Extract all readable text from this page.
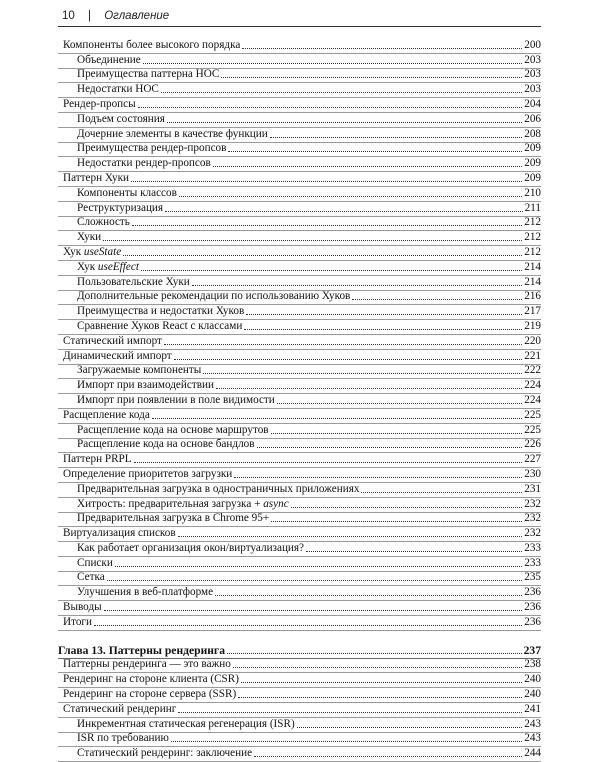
10 | Оглавление
Компоненты более высокого порядка	200
Объединение	203
Преимущества паттерна HOC	203
Недостатки HOC	203
Рендер-пропсы	204
Подъем состояния	206
Дочерние элементы в качестве функции	208
Преимущества рендер-пропсов	209
Недостатки рендер-пропсов	209
Паттерн Хуки	209
Компоненты классов	210
Реструктуризация	211
Сложность	212
Хуки	212
Хук useState	212
Хук useEffect	214
Пользовательские Хуки	214
Дополнительные рекомендации по использованию Хуков	216
Преимущества и недостатки Хуков	217
Сравнение Хуков React с классами	219
Статический импорт	220
Динамический импорт	221
Загружаемые компоненты	222
Импорт при взаимодействии	224
Импорт при появлении в поле видимости	224
Расщепление кода	225
Расщепление кода на основе маршрутов	225
Расщепление кода на основе бандлов	226
Паттерн PRPL	227
Определение приоритетов загрузки	230
Предварительная загрузка в одностраничных приложениях	231
Хитрость: предварительная загрузка + async	232
Предварительная загрузка в Chrome 95+	232
Виртуализация списков	232
Как работает организация окон/виртуализация?	233
Списки	233
Сетка	235
Улучшения в веб-платформе	236
Выводы	236
Итоги	236
Глава 13. Паттерны рендеринга	237
Паттерны рендеринга — это важно	238
Рендеринг на стороне клиента (CSR)	240
Рендеринг на стороне сервера (SSR)	240
Статический рендеринг	241
Инкрементная статическая регенерация (ISR)	243
ISR по требованию	243
Статический рендеринг: заключение	244
